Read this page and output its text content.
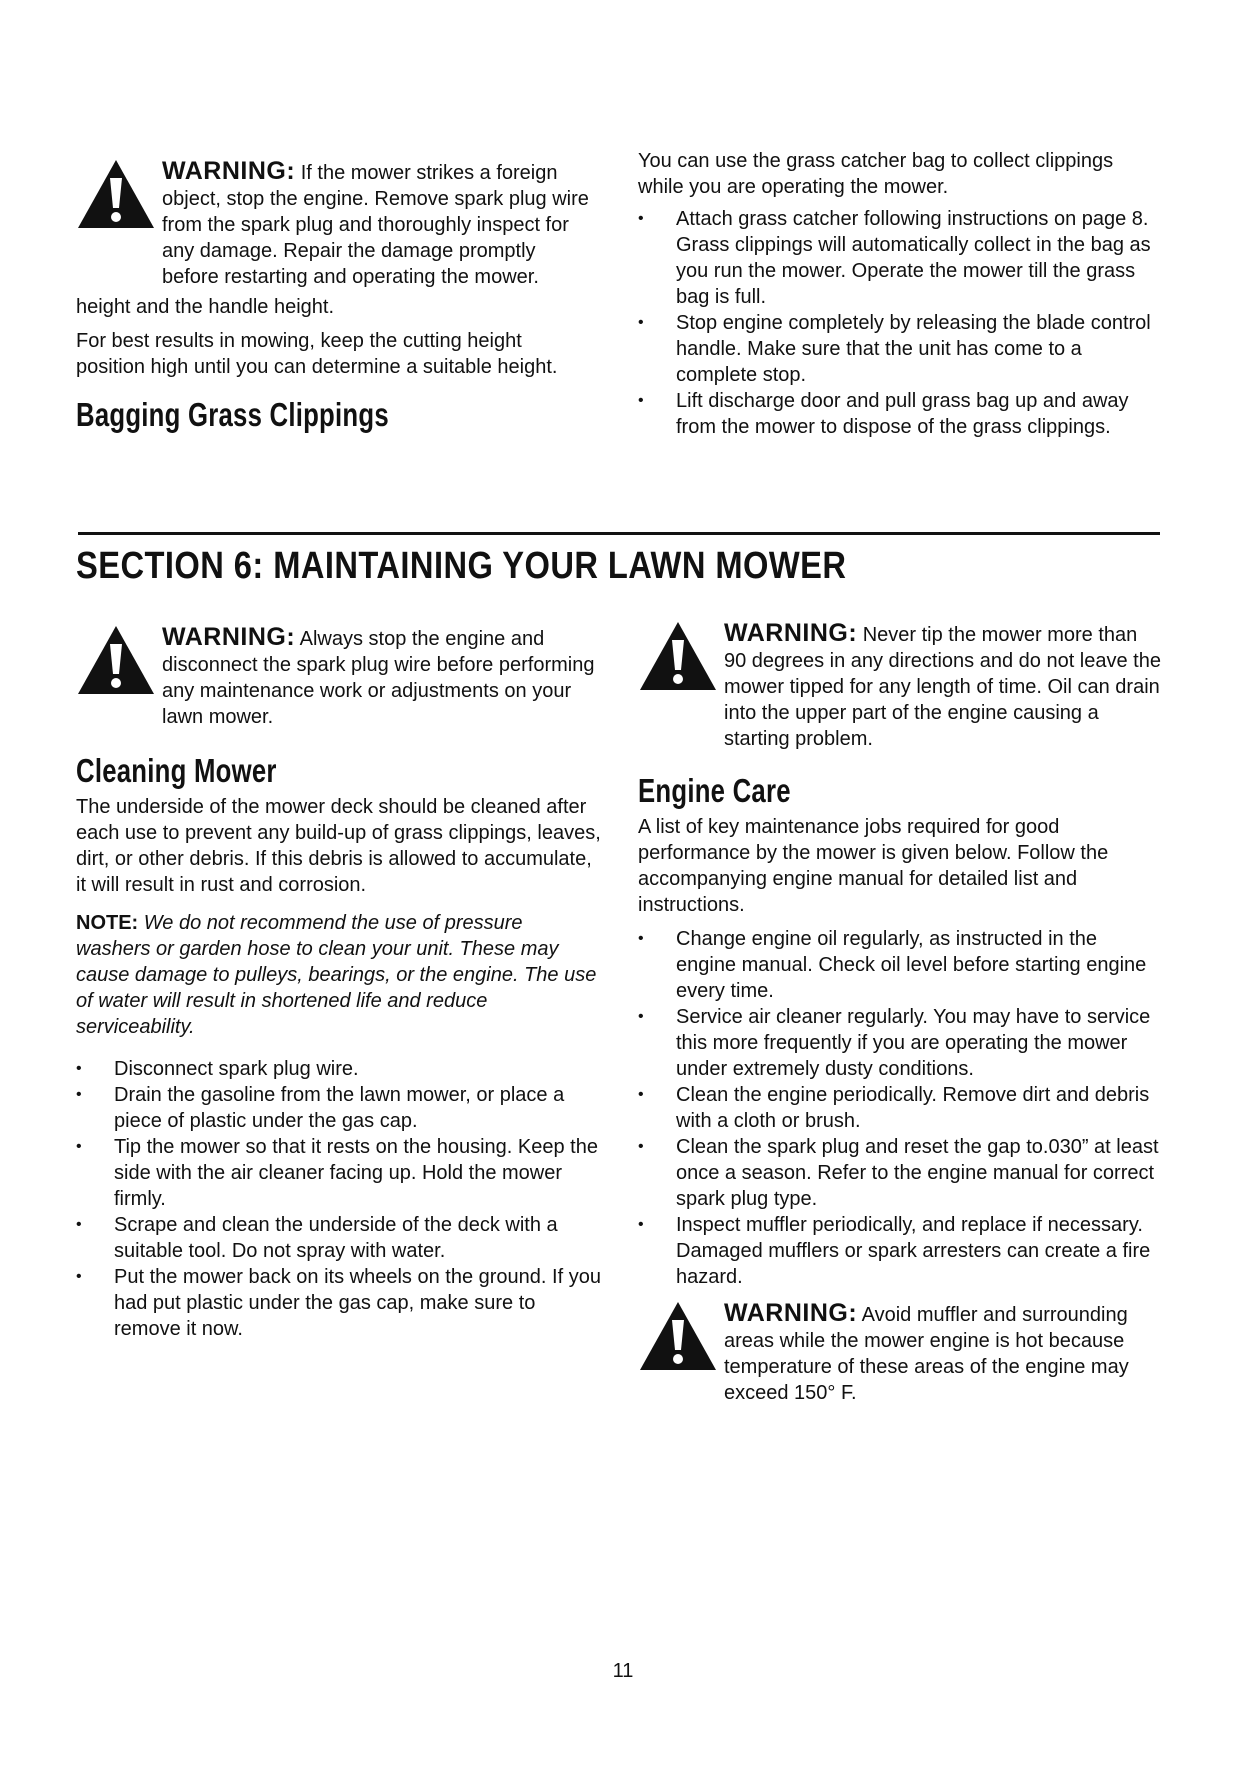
WARNING: If the mower strikes a foreign object, stop the engine. Remove spark plug wire from the spark plug and thoroughly inspect for any damage. Repair the damage promptly before restarting and operating the mower.

height and the handle height.

For best results in mowing, keep the cutting height position high until you can determine a suitable height.

Bagging Grass Clippings

You can use the grass catcher bag to collect clippings while you are operating the mower.

• Attach grass catcher following instructions on page 8. Grass clippings will automatically collect in the bag as you run the mower. Operate the mower till the grass bag is full.
• Stop engine completely by releasing the blade control handle. Make sure that the unit has come to a complete stop.
• Lift discharge door and pull grass bag up and away from the mower to dispose of the grass clippings.
SECTION 6: MAINTAINING YOUR LAWN MOWER

WARNING: Always stop the engine and disconnect the spark plug wire before performing any maintenance work or adjustments on your lawn mower.

Cleaning Mower

The underside of the mower deck should be cleaned after each use to prevent any build-up of grass clippings, leaves, dirt, or other debris. If this debris is allowed to accumulate, it will result in rust and corrosion.

NOTE: We do not recommend the use of pressure washers or garden hose to clean your unit. These may cause damage to pulleys, bearings, or the engine. The use of water will result in shortened life and reduce serviceability.

• Disconnect spark plug wire.
• Drain the gasoline from the lawn mower, or place a piece of plastic under the gas cap.
• Tip the mower so that it rests on the housing. Keep the side with the air cleaner facing up. Hold the mower firmly.
• Scrape and clean the underside of the deck with a suitable tool. Do not spray with water.
• Put the mower back on its wheels on the ground. If you had put plastic under the gas cap, make sure to remove it now.

WARNING: Never tip the mower more than 90 degrees in any directions and do not leave the mower tipped for any length of time. Oil can drain into the upper part of the engine causing a starting problem.

Engine Care

A list of key maintenance jobs required for good performance by the mower is given below. Follow the accompanying engine manual for detailed list and instructions.

• Change engine oil regularly, as instructed in the engine manual. Check oil level before starting engine every time.
• Service air cleaner regularly. You may have to service this more frequently if you are operating the mower under extremely dusty conditions.
• Clean the engine periodically. Remove dirt and debris with a cloth or brush.
• Clean the spark plug and reset the gap to.030” at least once a season. Refer to the engine manual for correct spark plug type.
• Inspect muffler periodically, and replace if necessary. Damaged mufflers or spark arresters can create a fire hazard.

WARNING: Avoid muffler and surrounding areas while the mower engine is hot because temperature of these areas of the engine may exceed 150° F.

11
